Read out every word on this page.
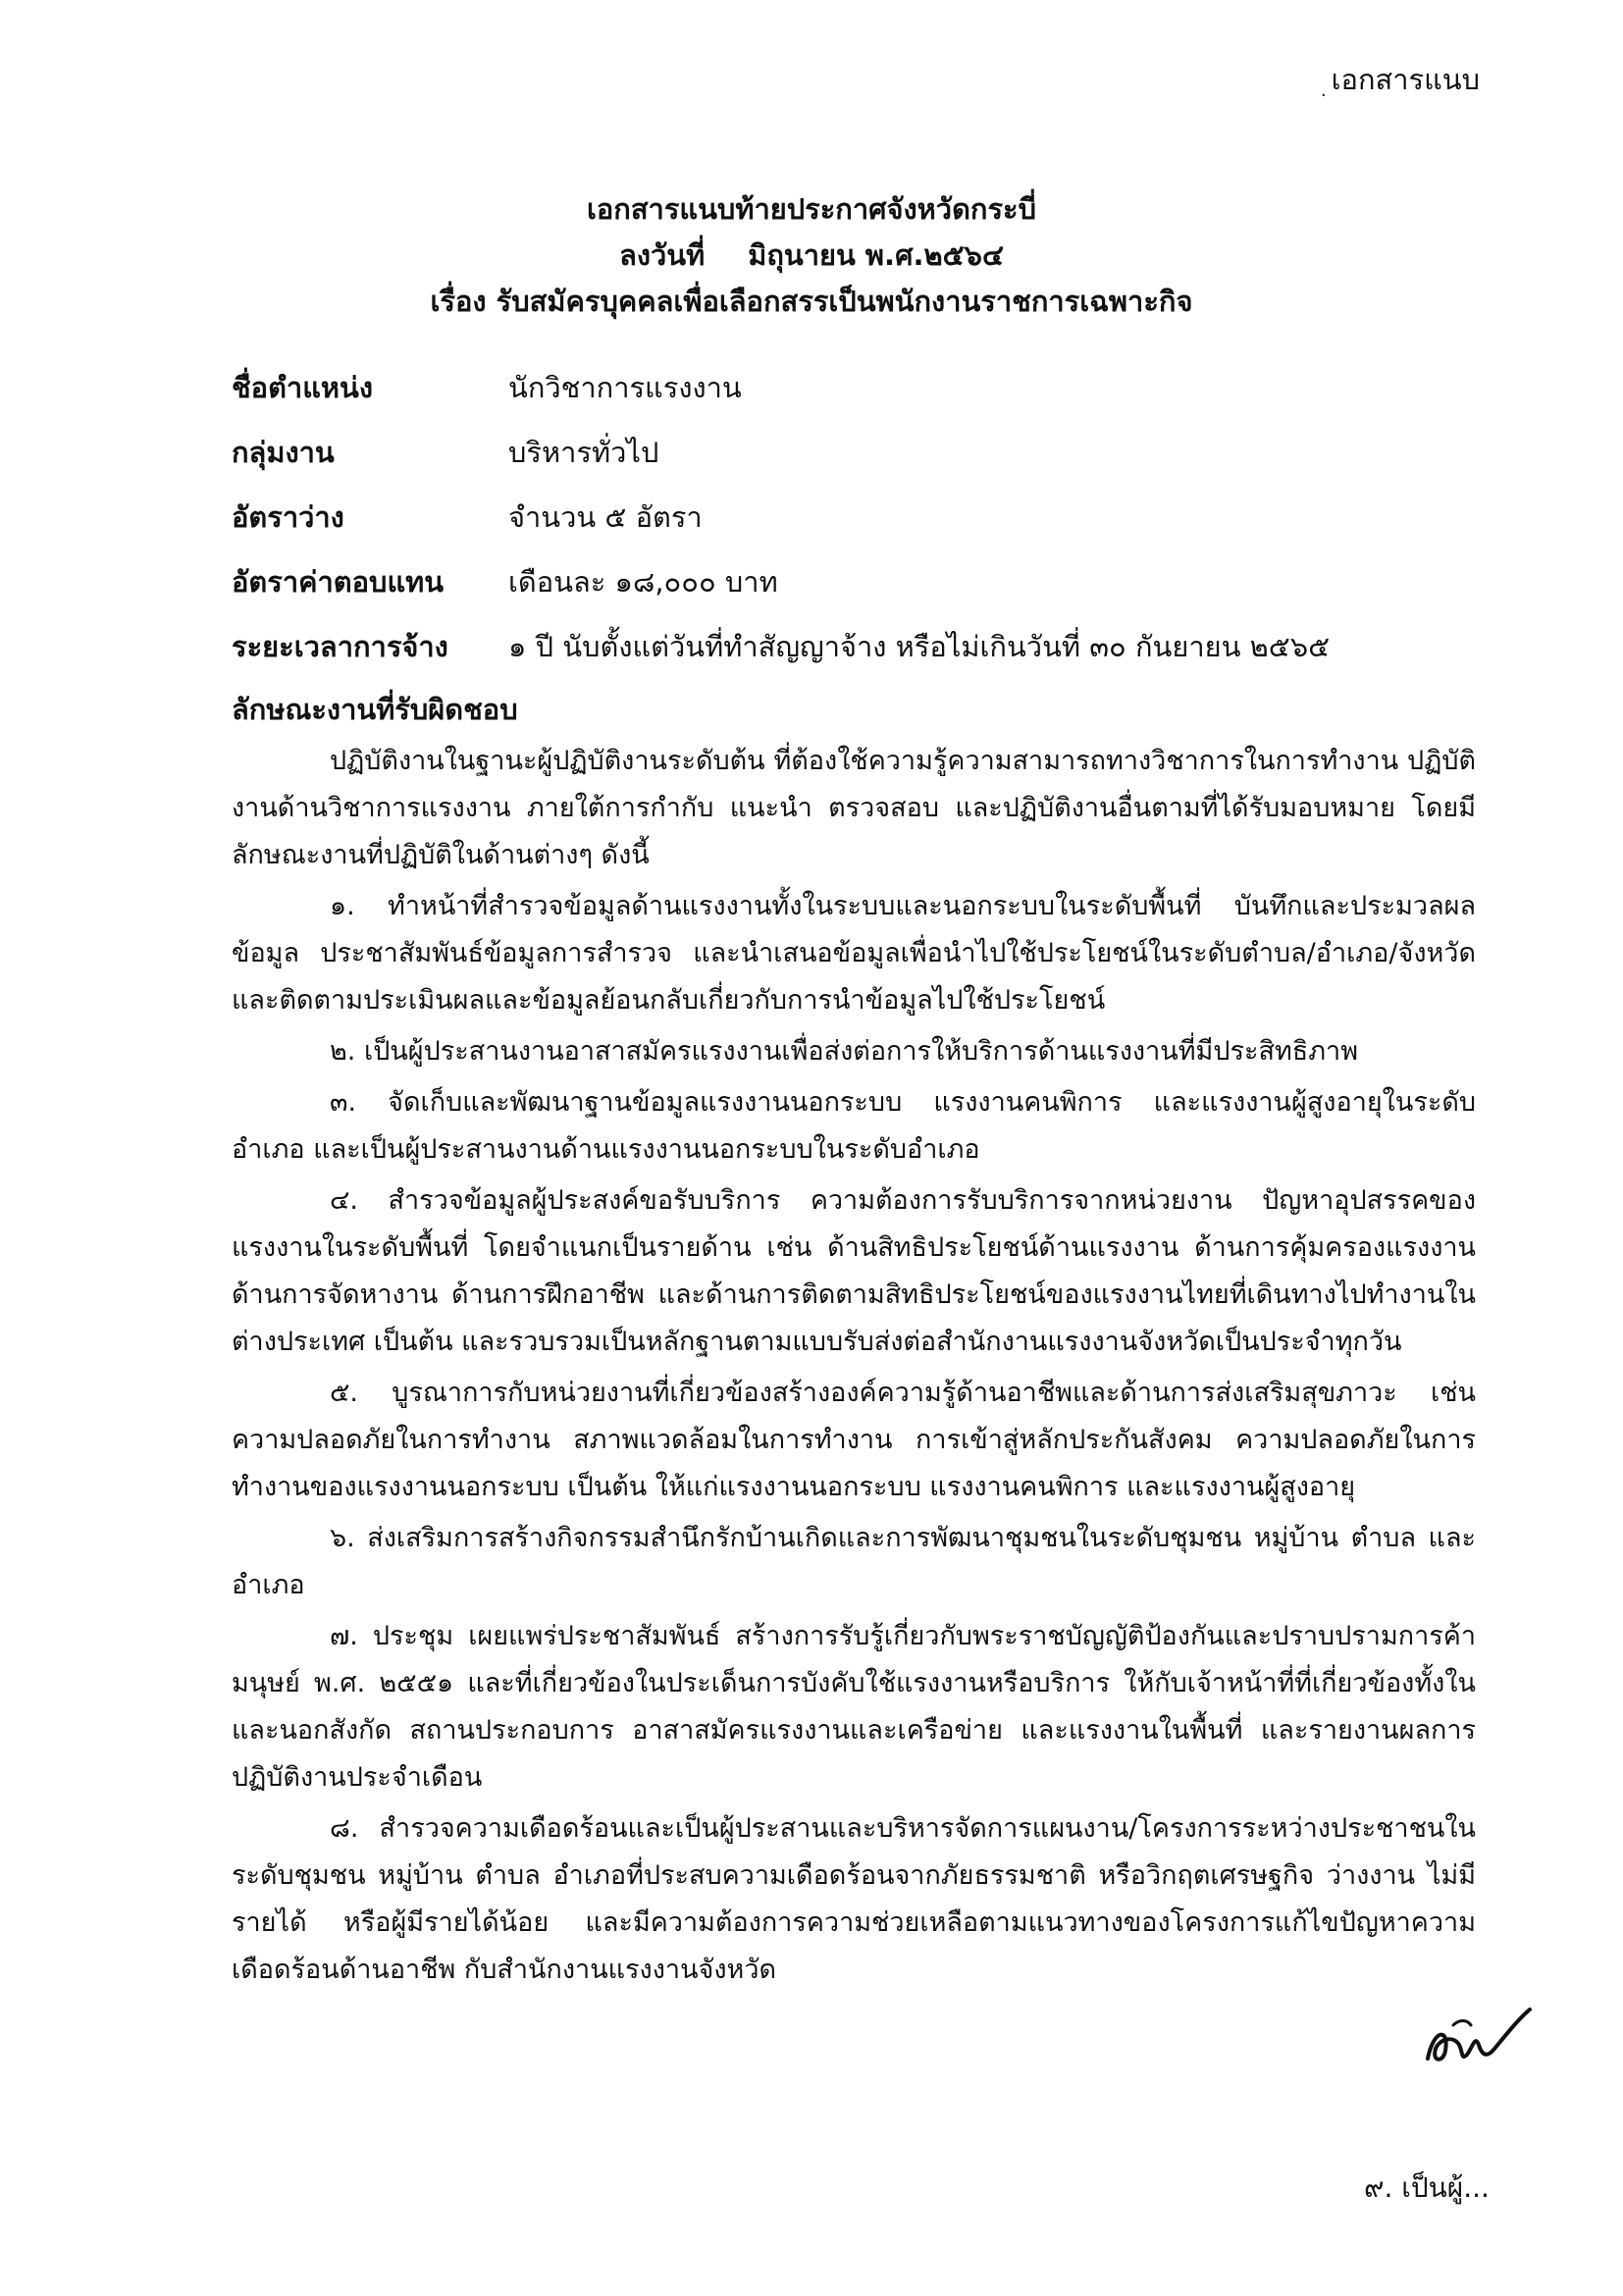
เอกสารแนบ
.
เอกสารแนบท้ายประกาศจังหวัดกระบี่
ลงวันที่ มิถุนายน พ.ศ.๒๕๖๔
เรื่อง รับสมัครบุคคลเพื่อเลือกสรรเป็นพนักงานราชการเฉพาะกิจ
ชื่อตำแหน่ง	นักวิชาการแรงงาน
กลุ่มงาน	บริหารทั่วไป
อัตราว่าง	จำนวน ๕ อัตรา
อัตราค่าตอบแทน	เดือนละ ๑๘,๐๐๐ บาท
ระยะเวลาการจ้าง	๑ ปี นับตั้งแต่วันที่ทำสัญญาจ้าง หรือไม่เกินวันที่ ๓๐ กันยายน ๒๕๖๕
ลักษณะงานที่รับผิดชอบ

ปฏิบัติงานในฐานะผู้ปฏิบัติงานระดับต้น ที่ต้องใช้ความรู้ความสามารถทางวิชาการในการทำงาน ปฏิบัติงานด้านวิชาการแรงงาน ภายใต้การกำกับ แนะนำ ตรวจสอบ และปฏิบัติงานอื่นตามที่ได้รับมอบหมาย โดยมีลักษณะงานที่ปฏิบัติในด้านต่างๆ ดังนี้

๑. ทำหน้าที่สำรวจข้อมูลด้านแรงงานทั้งในระบบและนอกระบบในระดับพื้นที่ บันทึกและประมวลผลข้อมูล ประชาสัมพันธ์ข้อมูลการสำรวจ และนำเสนอข้อมูลเพื่อนำไปใช้ประโยชน์ในระดับตำบล/อำเภอ/จังหวัด และติดตามประเมินผลและข้อมูลย้อนกลับเกี่ยวกับการนำข้อมูลไปใช้ประโยชน์

๒. เป็นผู้ประสานงานอาสาสมัครแรงงานเพื่อส่งต่อการให้บริการด้านแรงงานที่มีประสิทธิภาพ

๓. จัดเก็บและพัฒนาฐานข้อมูลแรงงานนอกระบบ แรงงานคนพิการ และแรงงานผู้สูงอายุในระดับอำเภอ และเป็นผู้ประสานงานด้านแรงงานนอกระบบในระดับอำเภอ

๔. สำรวจข้อมูลผู้ประสงค์ขอรับบริการ ความต้องการรับบริการจากหน่วยงาน ปัญหาอุปสรรคของแรงงานในระดับพื้นที่ โดยจำแนกเป็นรายด้าน เช่น ด้านสิทธิประโยชน์ด้านแรงงาน ด้านการคุ้มครองแรงงาน ด้านการจัดหางาน ด้านการฝึกอาชีพ และด้านการติดตามสิทธิประโยชน์ของแรงงานไทยที่เดินทางไปทำงานในต่างประเทศ เป็นต้น และรวบรวมเป็นหลักฐานตามแบบรับส่งต่อสำนักงานแรงงานจังหวัดเป็นประจำทุกวัน

๕. บูรณาการกับหน่วยงานที่เกี่ยวข้องสร้างองค์ความรู้ด้านอาชีพและด้านการส่งเสริมสุขภาวะ เช่น ความปลอดภัยในการทำงาน สภาพแวดล้อมในการทำงาน การเข้าสู่หลักประกันสังคม ความปลอดภัยในการทำงานของแรงงานนอกระบบ เป็นต้น ให้แก่แรงงานนอกระบบ แรงงานคนพิการ และแรงงานผู้สูงอายุ

๖. ส่งเสริมการสร้างกิจกรรมสำนึกรักบ้านเกิดและการพัฒนาชุมชนในระดับชุมชน หมู่บ้าน ตำบล และอำเภอ

๗. ประชุม เผยแพร่ประชาสัมพันธ์ สร้างการรับรู้เกี่ยวกับพระราชบัญญัติป้องกันและปราบปรามการค้ามนุษย์ พ.ศ. ๒๕๕๑ และที่เกี่ยวข้องในประเด็นการบังคับใช้แรงงานหรือบริการ ให้กับเจ้าหน้าที่ที่เกี่ยวข้องทั้งในและนอกสังกัด สถานประกอบการ อาสาสมัครแรงงานและเครือข่าย และแรงงานในพื้นที่ และรายงานผลการปฏิบัติงานประจำเดือน

๘. สำรวจความเดือดร้อนและเป็นผู้ประสานและบริหารจัดการแผนงาน/โครงการระหว่างประชาชนในระดับชุมชน หมู่บ้าน ตำบล อำเภอที่ประสบความเดือดร้อนจากภัยธรรมชาติ หรือวิกฤตเศรษฐกิจ ว่างงาน ไม่มีรายได้ หรือผู้มีรายได้น้อย และมีความต้องการความช่วยเหลือตามแนวทางของโครงการแก้ไขปัญหาความเดือดร้อนด้านอาชีพ กับสำนักงานแรงงานจังหวัด

๙. เป็นผู้...
